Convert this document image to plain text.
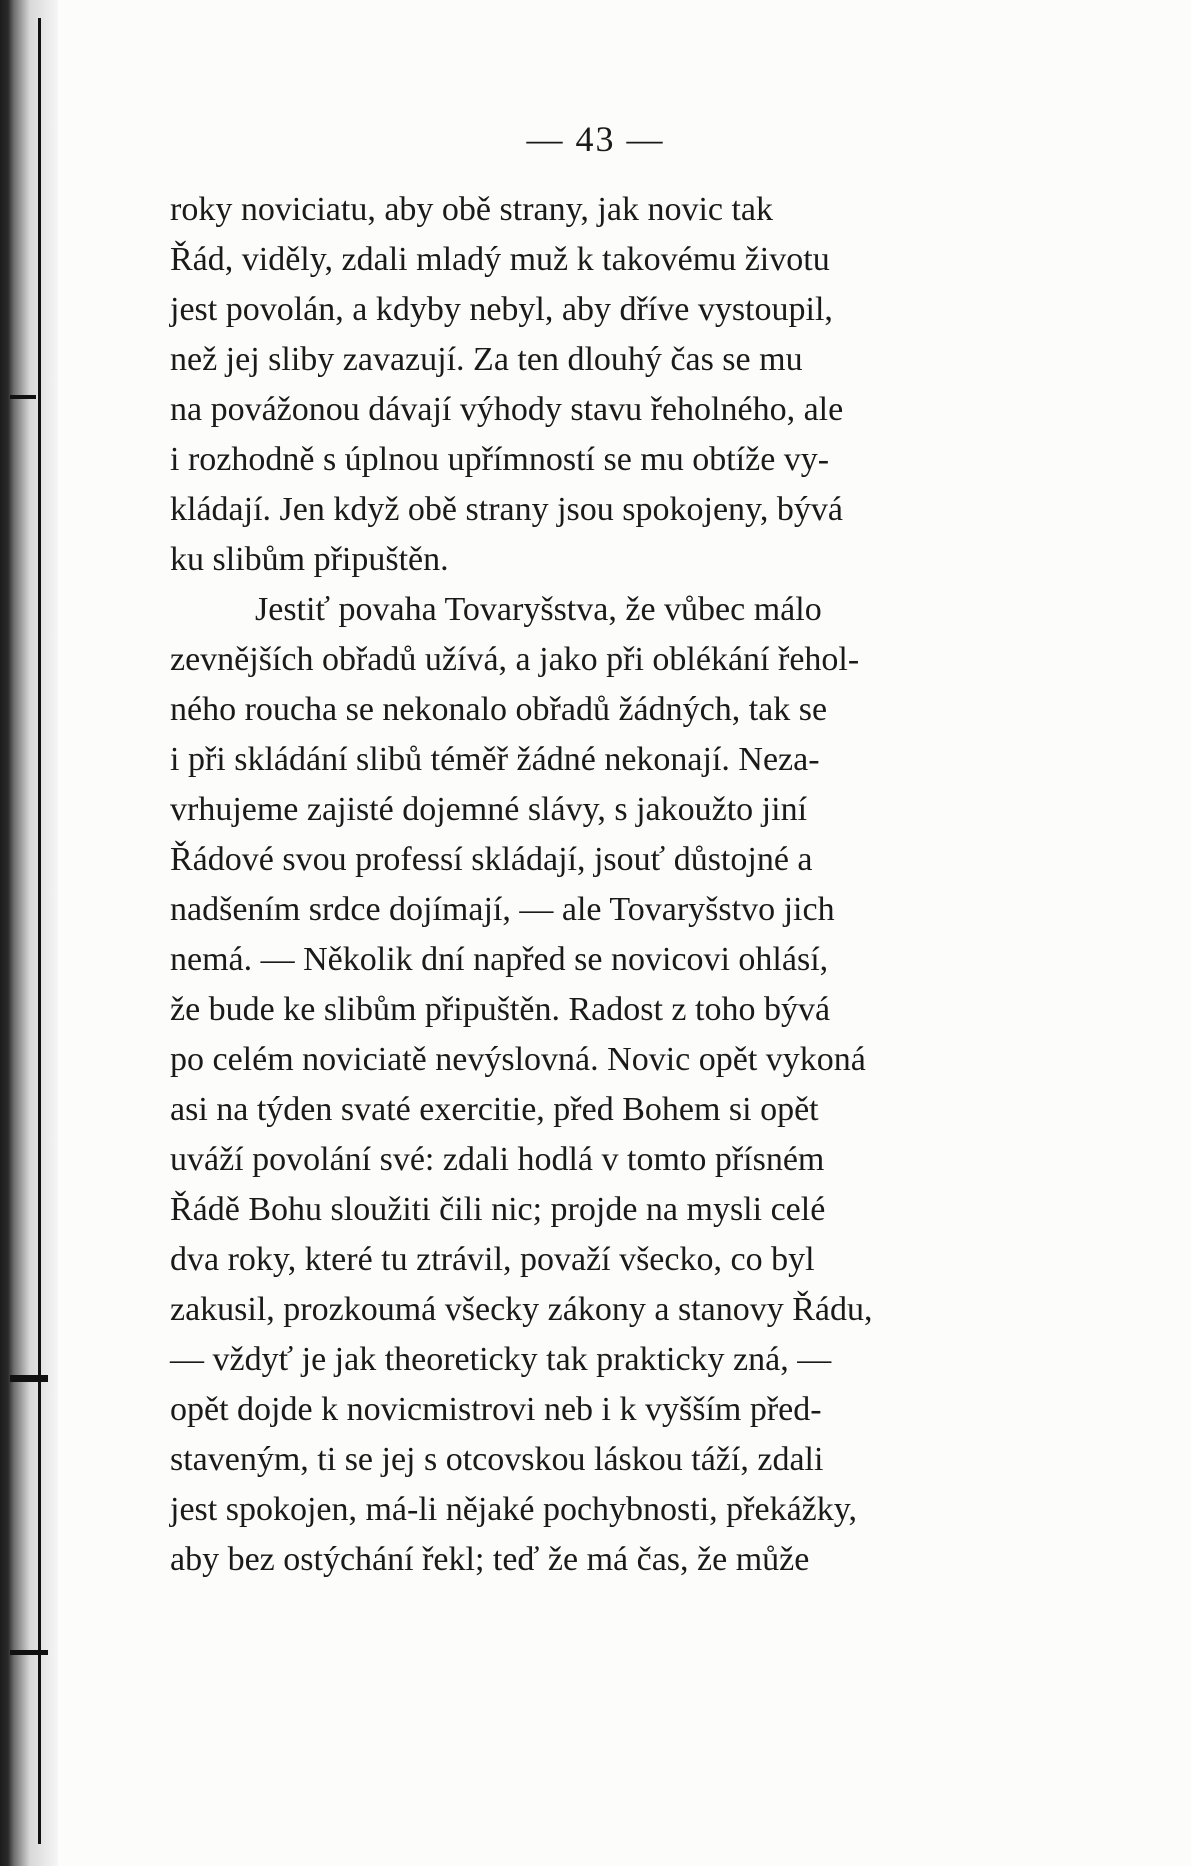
— 43 —

roky noviciatu, aby obě strany, jak novic tak
Řád, viděly, zdali mladý muž k takovému životu
jest povolán, a kdyby nebyl, aby dříve vystoupil,
než jej sliby zavazují. Za ten dlouhý čas se mu
na povážonou dávají výhody stavu řeholného, ale
i rozhodně s úplnou upřímností se mu obtíže vy-
kládají. Jen když obě strany jsou spokojeny, bývá
ku slibům připuštěn.

Jestiť povaha Tovaryšstva, že vůbec málo
zevnějších obřadů užívá, a jako při oblékání řehol-
ného roucha se nekonalo obřadů žádných, tak se
i při skládání slibů téměř žádné nekonají. Neza-
vrhujeme zajisté dojemné slávy, s jakoužto jiní
Řádové svou professí skládají, jsouť důstojné a
nadšením srdce dojímají, — ale Tovaryšstvo jich
nemá. — Několik dní napřed se novicovi ohlásí,
že bude ke slibům připuštěn. Radost z toho bývá
po celém noviciatě nevýslovná. Novic opět vykoná
asi na týden svaté exercitie, před Bohem si opět
uváží povolání své: zdali hodlá v tomto přísném
Řádě Bohu sloužiti čili nic; projde na mysli celé
dva roky, které tu ztrávil, považí všecko, co byl
zakusil, prozkoumá všecky zákony a stanovy Řádu,
— vždyť je jak theoreticky tak prakticky zná, —
opět dojde k novicmistrovi neb i k vyšším před-
staveným, ti se jej s otcovskou láskou táží, zdali
jest spokojen, má-li nějaké pochybnosti, překážky,
aby bez ostýchání řekl; teď že má čas, že může
